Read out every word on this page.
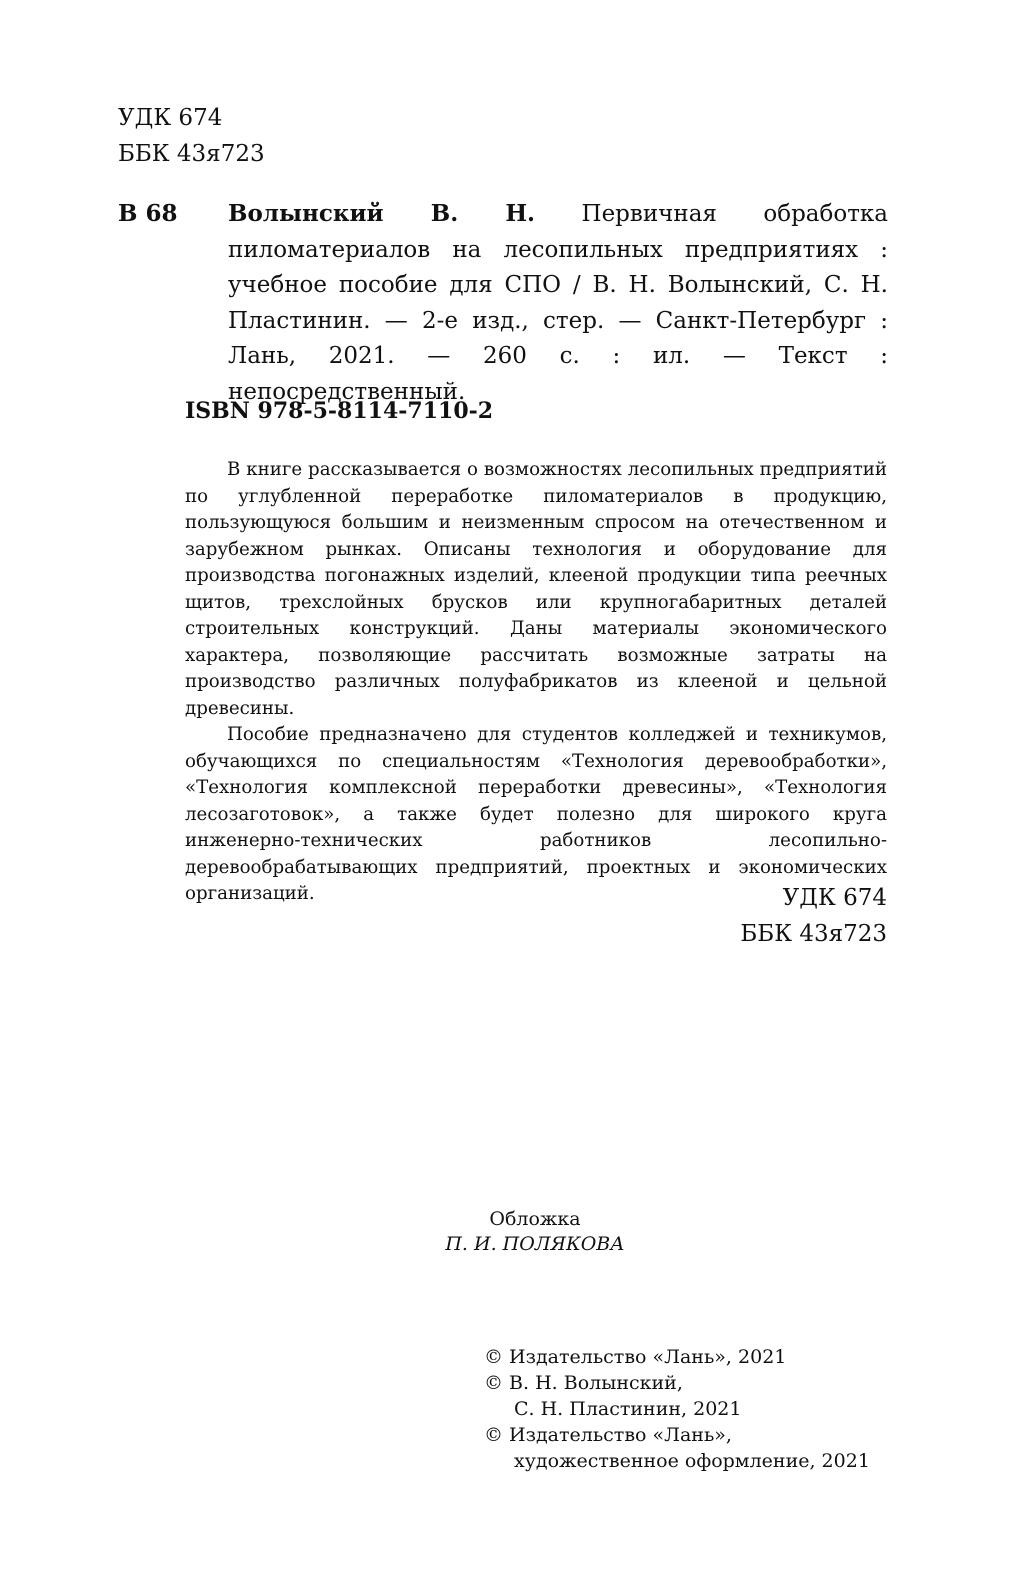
УДК 674
ББК 43я723
В 68 Волынский В. Н. Первичная обработка пиломатериалов на лесопильных предприятиях : учебное пособие для СПО / В. Н. Волынский, С. Н. Пластинин. — 2-е изд., стер. — Санкт-Петербург : Лань, 2021. — 260 с. : ил. — Текст : непосредственный.
ISBN 978-5-8114-7110-2

В книге рассказывается о возможностях лесопильных предприятий по углубленной переработке пиломатериалов в продукцию, пользующуюся большим и неизменным спросом на отечественном и зарубежном рынках. Описаны технология и оборудование для производства погонажных изделий, клееной продукции типа реечных щитов, трехслойных брусков или крупногабаритных деталей строительных конструкций. Даны материалы экономического характера, позволяющие рассчитать возможные затраты на производство различных полуфабрикатов из клееной и цельной древесины.

Пособие предназначено для студентов колледжей и техникумов, обучающихся по специальностям «Технология деревообработки», «Технология комплексной переработки древесины», «Технология лесозаготовок», а также будет полезно для широкого круга инженерно-технических работников лесопильно-деревообрабатывающих предприятий, проектных и экономических организаций.	УДК 674
ББК 43я723
Обложка
П. И. ПОЛЯКОВА
© Издательство «Лань», 2021
© В. Н. Волынский,
С. Н. Пластинин, 2021
© Издательство «Лань»,
художественное оформление, 2021
